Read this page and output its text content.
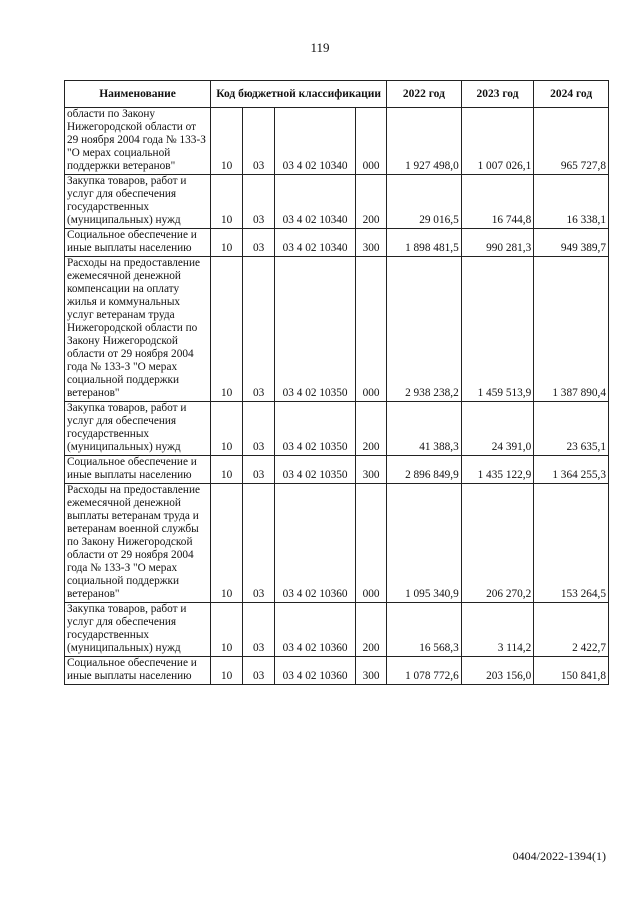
119
Наименование	Код бюджетной классификации				2022 год	2023 год	2024 год
области по Закону Нижегородской области от 29 ноября 2004 года № 133-З "О мерах социальной поддержки ветеранов"	10	03	03 4 02 10340	000	1 927 498,0	1 007 026,1	965 727,8
Закупка товаров, работ и услуг для обеспечения государственных (муниципальных) нужд	10	03	03 4 02 10340	200	29 016,5	16 744,8	16 338,1
Социальное обеспечение и иные выплаты населению	10	03	03 4 02 10340	300	1 898 481,5	990 281,3	949 389,7
Расходы на предоставление ежемесячной денежной компенсации на оплату жилья и коммунальных услуг ветеранам труда Нижегородской области по Закону Нижегородской области от 29 ноября 2004 года № 133-З "О мерах социальной поддержки ветеранов"	10	03	03 4 02 10350	000	2 938 238,2	1 459 513,9	1 387 890,4
Закупка товаров, работ и услуг для обеспечения государственных (муниципальных) нужд	10	03	03 4 02 10350	200	41 388,3	24 391,0	23 635,1
Социальное обеспечение и иные выплаты населению	10	03	03 4 02 10350	300	2 896 849,9	1 435 122,9	1 364 255,3
Расходы на предоставление ежемесячной денежной выплаты ветеранам труда и ветеранам военной службы по Закону Нижегородской области от 29 ноября 2004 года № 133-З "О мерах социальной поддержки ветеранов"	10	03	03 4 02 10360	000	1 095 340,9	206 270,2	153 264,5
Закупка товаров, работ и услуг для обеспечения государственных (муниципальных) нужд	10	03	03 4 02 10360	200	16 568,3	3 114,2	2 422,7
Социальное обеспечение и иные выплаты населению	10	03	03 4 02 10360	300	1 078 772,6	203 156,0	150 841,8
0404/2022-1394(1)
